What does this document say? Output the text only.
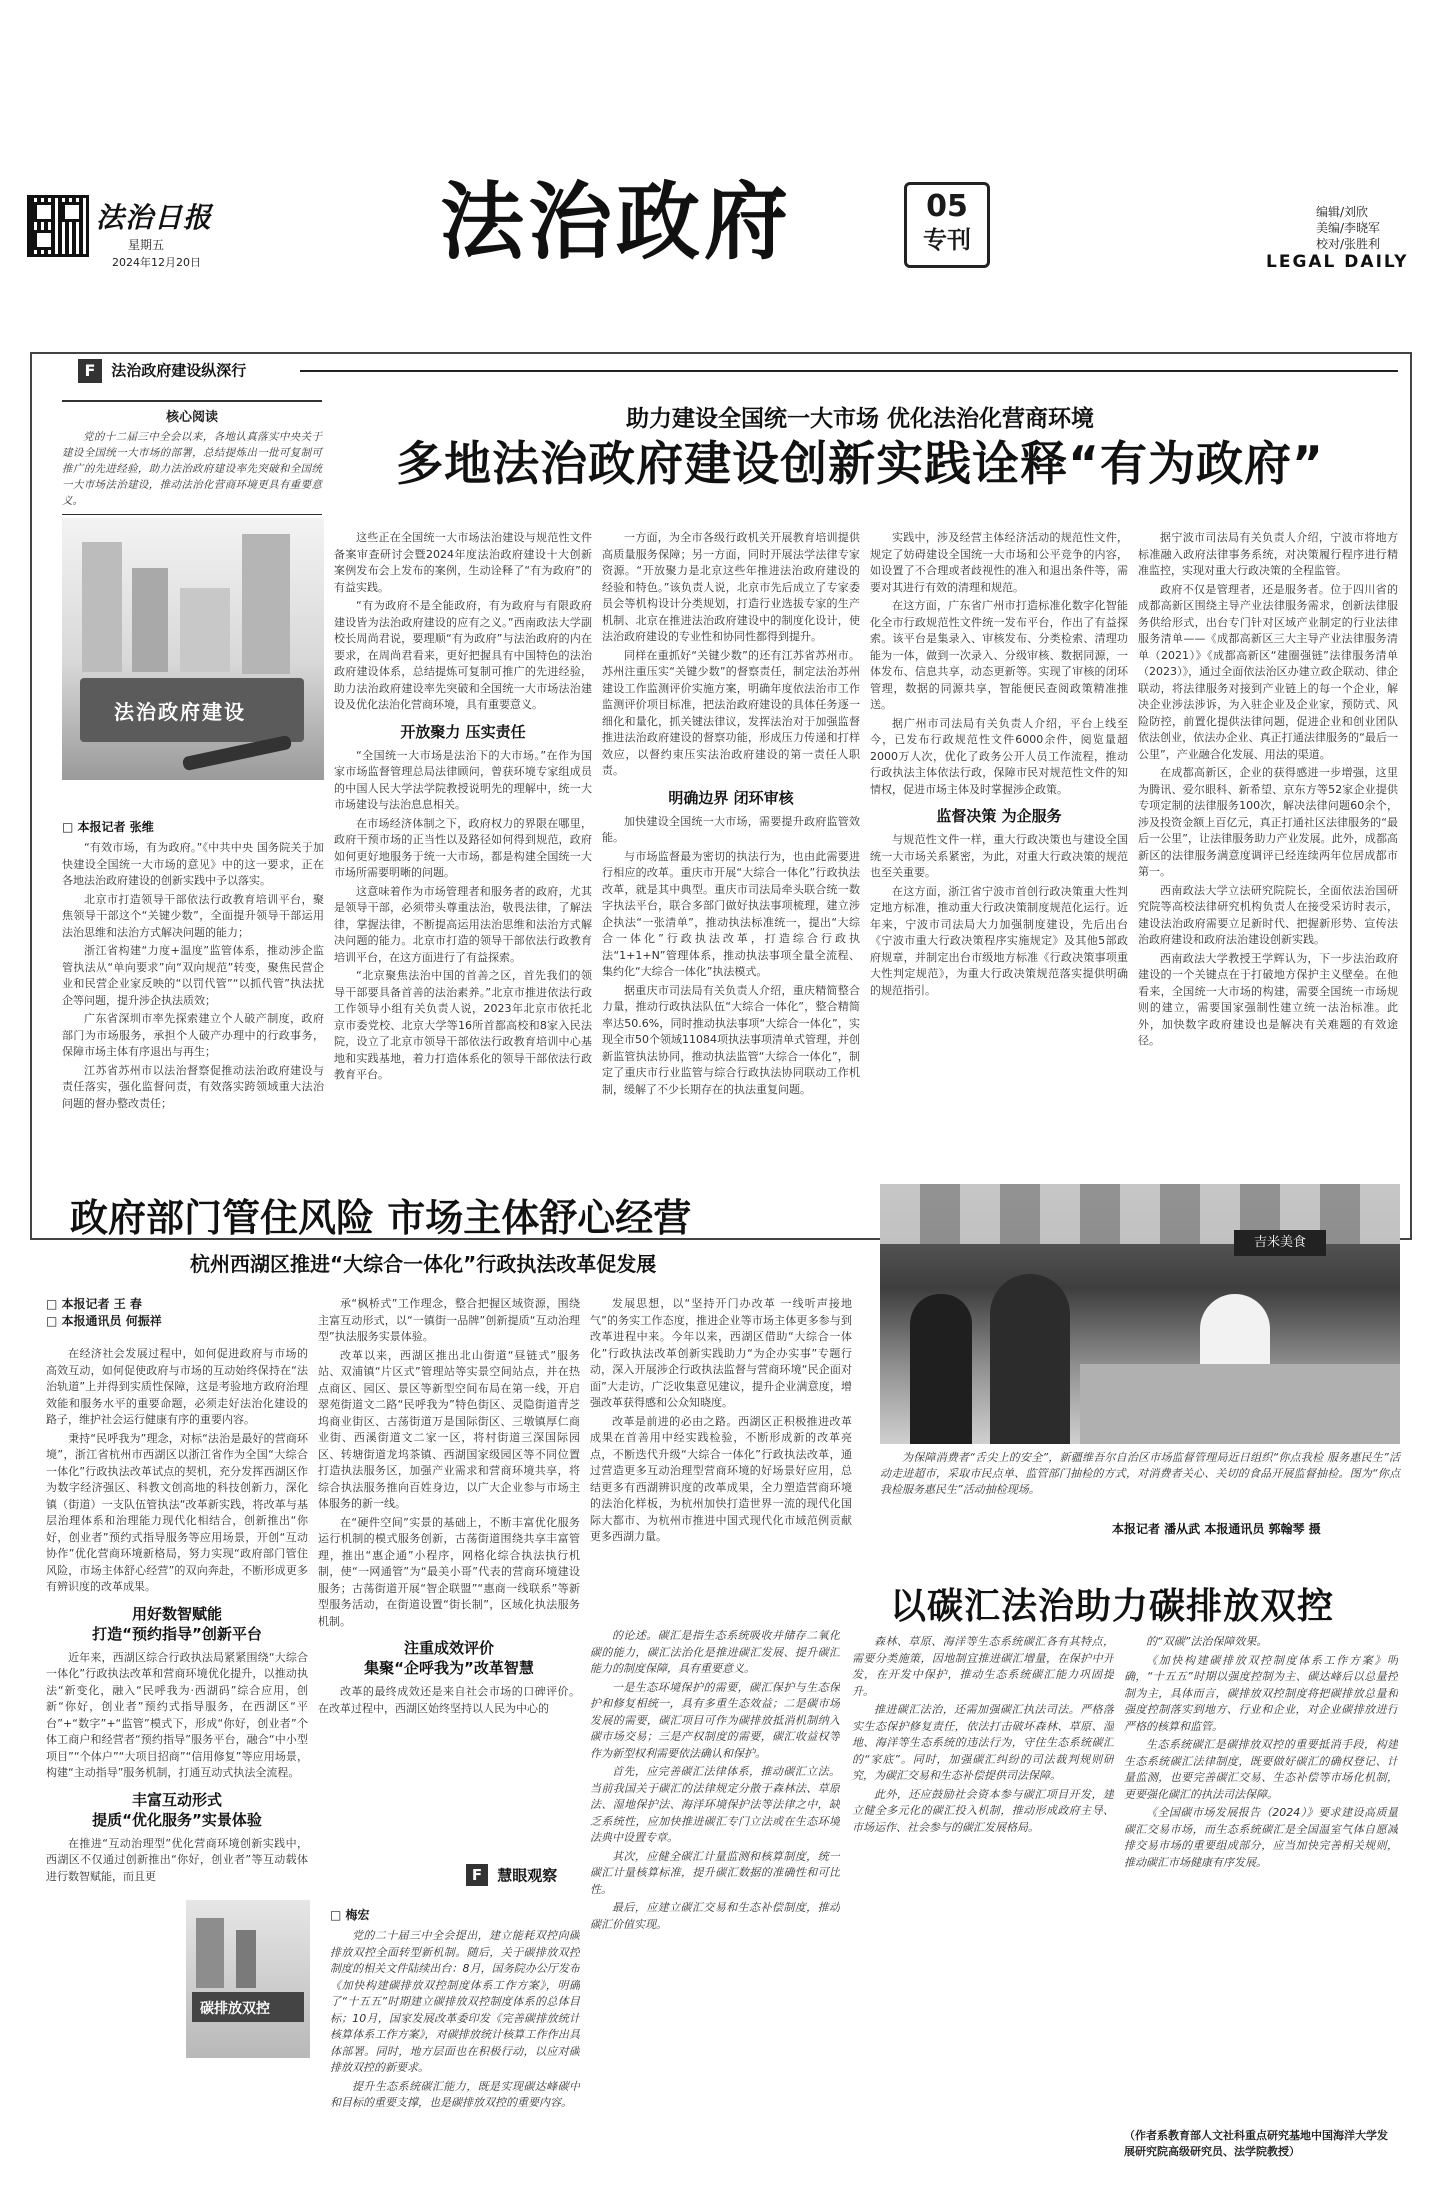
法治日报
星期五
2024年12月20日	法治政府	05
专刊
编辑/刘欣
美编/李晓军
校对/张胜利
LEGAL DAILY
F 法治政府建设纵深行
核心阅读
党的十二届三中全会以来，各地认真落实中央关于建设全国统一大市场的部署，总结提炼出一批可复制可推广的先进经验，助力法治政府建设率先突破和全国统一大市场法治建设，推动法治化营商环境更具有重要意义。
法治政府建设
□ 本报记者 张维
助力建设全国统一大市场 优化法治化营商环境
多地法治政府建设创新实践诠释“有为政府”

“有效市场，有为政府。”《中共中央 国务院关于加快建设全国统一大市场的意见》中的这一要求，正在各地法治政府建设的创新实践中予以落实。

北京市打造领导干部依法行政教育培训平台，聚焦领导干部这个“关键少数”，全面提升领导干部运用法治思维和法治方式解决问题的能力；

浙江省构建“力度+温度”监管体系，推动涉企监管执法从“单向要求”向“双向规范”转变，聚焦民营企业和民营企业家反映的“以罚代管”“以抓代管”执法扰企等问题，提升涉企执法质效；

广东省深圳市率先探索建立个人破产制度，政府部门为市场服务，承担个人破产办理中的行政事务，保障市场主体有序退出与再生；

江苏省苏州市以法治督察促推动法治政府建设与责任落实，强化监督问责，有效落实跨领域重大法治问题的督办整改责任；

这些正在全国统一大市场法治建设与规范性文件备案审查研讨会暨2024年度法治政府建设十大创新案例发布会上发布的案例，生动诠释了“有为政府”的有益实践。

“有为政府不是全能政府，有为政府与有限政府建设皆为法治政府建设的应有之义。”西南政法大学副校长周尚君说，要理顺“有为政府”与法治政府的内在要求，在周尚君看来，更好把握具有中国特色的法治政府建设体系，总结提炼可复制可推广的先进经验，助力法治政府建设率先突破和全国统一大市场法治建设及优化法治化营商环境，具有重要意义。

开放聚力 压实责任

“全国统一大市场是法治下的大市场。”在作为国家市场监督管理总局法律顾问，曾获环境专家组成员的中国人民大学法学院教授说明先的理解中，统一大市场建设与法治息息相关。

在市场经济体制之下，政府权力的界限在哪里，政府干预市场的正当性以及路径如何得到规范，政府如何更好地服务于统一大市场，都是构建全国统一大市场所需要明晰的问题。

这意味着作为市场管理者和服务者的政府，尤其是领导干部，必须带头尊重法治，敬畏法律，了解法律，掌握法律，不断提高运用法治思维和法治方式解决问题的能力。北京市打造的领导干部依法行政教育培训平台，在这方面进行了有益探索。

“北京聚焦法治中国的首善之区，首先我们的领导干部要具备首善的法治素养。”北京市推进依法行政工作领导小组有关负责人说，2023年北京市依托北京市委党校、北京大学等16所首都高校和8家入民法院，设立了北京市领导干部依法行政教育培训中心基地和实践基地，着力打造体系化的领导干部依法行政教育平台。

一方面，为全市各级行政机关开展教育培训提供高质量服务保障；另一方面，同时开展法学法律专家资源。“开放聚力是北京这些年推进法治政府建设的经验和特色。”该负责人说，北京市先后成立了专家委员会等机构设计分类规划，打造行业选拔专家的生产机制、北京在推进法治政府建设中的制度化设计，使法治政府建设的专业性和协同性都得到提升。

同样在重抓好“关键少数”的还有江苏省苏州市。苏州注重压实“关键少数”的督察责任，制定法治苏州建设工作监测评价实施方案，明确年度依法治市工作监测评价项目标准，把法治政府建设的具体任务逐一细化和量化，抓关键法律议，发挥法治对于加强监督推进法治政府建设的督察功能，形成压力传递和打样效应，以督约束压实法治政府建设的第一责任人职责。

明确边界 闭环审核

加快建设全国统一大市场，需要提升政府监管效能。

与市场监督最为密切的执法行为，也由此需要进行相应的改革。重庆市开展“大综合一体化”行政执法改革，就是其中典型。重庆市司法局牵头联合统一数字执法平台，联合多部门做好执法事项梳理，建立涉企执法“一张清单”，推动执法标准统一，提出“大综合一体化”行政执法改革，打造综合行政执法“1+1+N”管理体系，推动执法事项全量全流程、集约化“大综合一体化”执法模式。

据重庆市司法局有关负责人介绍，重庆精简整合力量，推动行政执法队伍“大综合一体化”，整合精简率达50.6%，同时推动执法事项“大综合一体化”，实现全市50个领域11084项执法事项清单式管理，并创新监管执法协同，推动执法监管“大综合一体化”，制定了重庆市行业监管与综合行政执法协同联动工作机制，缓解了不少长期存在的执法重复问题。

实践中，涉及经营主体经济活动的规范性文件，规定了妨碍建设全国统一大市场和公平竞争的内容，如设置了不合理或者歧视性的准入和退出条件等，需要对其进行有效的清理和规范。

在这方面，广东省广州市打造标准化数字化智能化全市行政规范性文件统一发布平台，作出了有益探索。该平台是集录入、审核发布、分类检索、清理功能为一体，做到一次录入、分级审核、数据同源，一体发布、信息共享，动态更新等。实现了审核的闭环管理，数据的同源共享，智能便民查阅政策精准推送。

据广州市司法局有关负责人介绍，平台上线至今，已发布行政规范性文件6000余件，阅览量超2000万人次，优化了政务公开人员工作流程，推动行政执法主体依法行政，保障市民对规范性文件的知情权，促进市场主体及时掌握涉企政策。

监督决策 为企服务

与规范性文件一样，重大行政决策也与建设全国统一大市场关系紧密，为此，对重大行政决策的规范也至关重要。

在这方面，浙江省宁波市首创行政决策重大性判定地方标准，推动重大行政决策制度规范化运行。近年来，宁波市司法局大力加强制度建设，先后出台《宁波市重大行政决策程序实施规定》及其他5部政府规章，并制定出台市级地方标准《行政决策事项重大性判定规范》，为重大行政决策规范落实提供明确的规范指引。

据宁波市司法局有关负责人介绍，宁波市将地方标准融入政府法律事务系统，对决策履行程序进行精准监控，实现对重大行政决策的全程监管。

政府不仅是管理者，还是服务者。位于四川省的成都高新区围绕主导产业法律服务需求，创新法律服务供给形式，出台专门针对区域产业制定的行业法律服务清单——《成都高新区三大主导产业法律服务清单（2021）》《成都高新区“建圈强链”法律服务清单（2023）》，通过全面依法治区办建立政企联动、律企联动，将法律服务对接到产业链上的每一个企业，解决企业涉法涉诉，为入驻企业及企业家，预防式、风险防控，前置化提供法律问题，促进企业和创业团队依法创业，依法办企业、真正打通法律服务的“最后一公里”，产业融合化发展、用法的渠道。

在成都高新区，企业的获得感进一步增强，这里为腾讯、爱尔眼科、新希望、京东方等52家企业提供专项定制的法律服务100次，解决法律问题60余个，涉及投资金额上百亿元，真正打通社区法律服务的“最后一公里”，让法律服务助力产业发展。此外，成都高新区的法律服务满意度调评已经连续两年位居成都市第一。

西南政法大学立法研究院院长，全面依法治国研究院等高校法律研究机构负责人在接受采访时表示，建设法治政府需要立足新时代、把握新形势、宣传法治政府建设和政府法治建设创新实践。

西南政法大学教授王学辉认为，下一步法治政府建设的一个关键点在于打破地方保护主义壁垒。在他看来，全国统一大市场的构建，需要全国统一市场规则的建立，需要国家强制性建立统一法治标准。此外，加快数字政府建设也是解决有关难题的有效途径。

政府部门管住风险 市场主体舒心经营
杭州西湖区推进“大综合一体化”行政执法改革促发展
□ 本报记者 王 春
□ 本报通讯员 何振祥

在经济社会发展过程中，如何促进政府与市场的高效互动，如何促使政府与市场的互动始终保持在“法治轨道”上并得到实质性保障，这是考验地方政府治理效能和服务水平的重要命题，必须走好法治化建设的路子，维护社会运行健康有序的重要内容。

秉持“民呼我为”理念，对标“法治是最好的营商环境”，浙江省杭州市西湖区以浙江省作为全国“大综合一体化”行政执法改革试点的契机，充分发挥西湖区作为数字经济强区、科教文创高地的科技创新力，深化镇（街道）一支队伍管执法“改革新实践，将改革与基层治理体系和治理能力现代化相结合，创新推出“你好，创业者”预约式指导服务等应用场景，开创“互动协作”优化营商环境新格局，努力实现“政府部门管住风险，市场主体舒心经营”的双向奔赴，不断形成更多有辨识度的改革成果。

用好数智赋能
打造“预约指导”创新平台

近年来，西湖区综合行政执法局紧紧围绕“大综合一体化”行政执法改革和营商环境优化提升，以推动执法“新变化，融入“民呼我为·西湖码”综合应用，创新“你好，创业者”预约式指导服务，在西湖区“平台”+“数字”+“监管”模式下，形成“你好，创业者”个体工商户和经营者“预约指导”服务平台，融合“中小型项目”“个体户”“大项目招商”“信用修复”等应用场景，构建“主动指导”服务机制，打通互动式执法全流程。

丰富互动形式
提质“优化服务”实景体验

在推进“互动治理型”优化营商环境创新实践中，西湖区不仅通过创新推出“你好，创业者”等互动载体进行数智赋能，而且更

承“枫桥式”工作理念，整合把握区域资源，围绕主富互动形式，以“一镇街一品牌”创新提质“互动治理型”执法服务实景体验。

改革以来，西湖区推出北山街道“昼链式”服务站、双浦镇“片区式”管理站等实景空间站点，并在热点商区、园区、景区等新型空间布局在第一线，开启翠苑街道文二路“民呼我为”特色街区、灵隐街道青芝坞商业街区、古荡街道万是国际街区、三墩镇厚仁商业街、西溪街道文二家一区，将村街道三深国际园区、转塘街道龙坞茶镇、西湖国家级园区等不同位置打造执法服务区，加强产业需求和营商环境共享，将综合执法服务推向百姓身边，以广大企业参与市场主体服务的新一线。

在“硬件空间”实景的基础上，不断丰富优化服务运行机制的模式服务创新，古荡街道围绕共享丰富管理，推出“惠企通”小程序，网格化综合执法执行机制，使“一网通管”为“最美小哥”代表的营商环境建设服务；古荡街道开展“智企联盟”“惠商一线联系”等新型服务活动，在街道设置“街长制”，区域化执法服务机制。

注重成效评价
集聚“企呼我为”改革智慧

改革的最终成效还是来自社会市场的口碑评价。在改革过程中，西湖区始终坚持以人民为中心的

发展思想，以“坚持开门办改革 一线听声接地气”的务实工作态度，推进企业等市场主体更多参与到改革进程中来。今年以来，西湖区借助“大综合一体化”行政执法改革创新实践助力“为企办实事”专题行动，深入开展涉企行政执法监督与营商环境“民企面对面”大走访，广泛收集意见建议，提升企业满意度，增强改革获得感和公众知晓度。

改革是前进的必由之路。西湖区正积极推进改革成果在首善用中经实践检验，不断形成新的改革亮点，不断迭代升级“大综合一体化”行政执法改革，通过营造更多互动治理型营商环境的好场景好应用，总结更多有西湖辨识度的改革成果，全力塑造营商环境的法治化样板，为杭州加快打造世界一流的现代化国际大都市、为杭州市推进中国式现代化市域范例贡献更多西湖力量。

吉米美食
为保障消费者“舌尖上的安全”，新疆维吾尔自治区市场监督管理局近日组织“你点我检 服务惠民生”活动走进超市，采取市民点单、监管部门抽检的方式，对消费者关心、关切的食品开展监督抽检。图为“你点我检服务惠民生”活动抽检现场。
本报记者 潘从武 本报通讯员 郭翰琴 摄
以碳汇法治助力碳排放双控
F 慧眼观察
□ 梅宏
碳排放双控

党的二十届三中全会提出，建立能耗双控向碳排放双控全面转型新机制。随后，关于碳排放双控制度的相关文件陆续出台：8月，国务院办公厅发布《加快构建碳排放双控制度体系工作方案》，明确了“十五五”时期建立碳排放双控制度体系的总体目标；10月，国家发展改革委印发《完善碳排放统计核算体系工作方案》，对碳排放统计核算工作作出具体部署。同时，地方层面也在积极行动，以应对碳排放双控的新要求。

提升生态系统碳汇能力，既是实现碳达峰碳中和目标的重要支撑，也是碳排放双控的重要内容。

的论述。碳汇是指生态系统吸收并储存二氧化碳的能力，碳汇法治化是推进碳汇发展、提升碳汇能力的制度保障，具有重要意义。

一是生态环境保护的需要，碳汇保护与生态保护和修复相统一，具有多重生态效益；二是碳市场发展的需要，碳汇项目可作为碳排放抵消机制纳入碳市场交易；三是产权制度的需要，碳汇收益权等作为新型权利需要依法确认和保护。

首先，应完善碳汇法律体系，推动碳汇立法。当前我国关于碳汇的法律规定分散于森林法、草原法、湿地保护法、海洋环境保护法等法律之中，缺乏系统性，应加快推进碳汇专门立法或在生态环境法典中设置专章。

其次，应健全碳汇计量监测和核算制度，统一碳汇计量核算标准，提升碳汇数据的准确性和可比性。

最后，应建立碳汇交易和生态补偿制度，推动碳汇价值实现。

森林、草原、海洋等生态系统碳汇各有其特点，需要分类施策，因地制宜推进碳汇增量，在保护中开发，在开发中保护，推动生态系统碳汇能力巩固提升。

推进碳汇法治，还需加强碳汇执法司法。严格落实生态保护修复责任，依法打击破坏森林、草原、湿地、海洋等生态系统的违法行为，守住生态系统碳汇的“家底”。同时，加强碳汇纠纷的司法裁判规则研究，为碳汇交易和生态补偿提供司法保障。

此外，还应鼓励社会资本参与碳汇项目开发，建立健全多元化的碳汇投入机制，推动形成政府主导、市场运作、社会参与的碳汇发展格局。

的“双碳”法治保障效果。

《加快构建碳排放双控制度体系工作方案》明确，“十五五”时期以强度控制为主、碳达峰后以总量控制为主，具体而言，碳排放双控制度将把碳排放总量和强度控制落实到地方、行业和企业，对企业碳排放进行严格的核算和监管。

生态系统碳汇是碳排放双控的重要抵消手段，构建生态系统碳汇法律制度，既要做好碳汇的确权登记、计量监测，也要完善碳汇交易、生态补偿等市场化机制，更要强化碳汇的执法司法保障。

《全国碳市场发展报告（2024）》要求建设高质量碳汇交易市场，而生态系统碳汇是全国温室气体自愿减排交易市场的重要组成部分，应当加快完善相关规则，推动碳汇市场健康有序发展。

（作者系教育部人文社科重点研究基地中国海洋大学发展研究院高级研究员、法学院教授）
